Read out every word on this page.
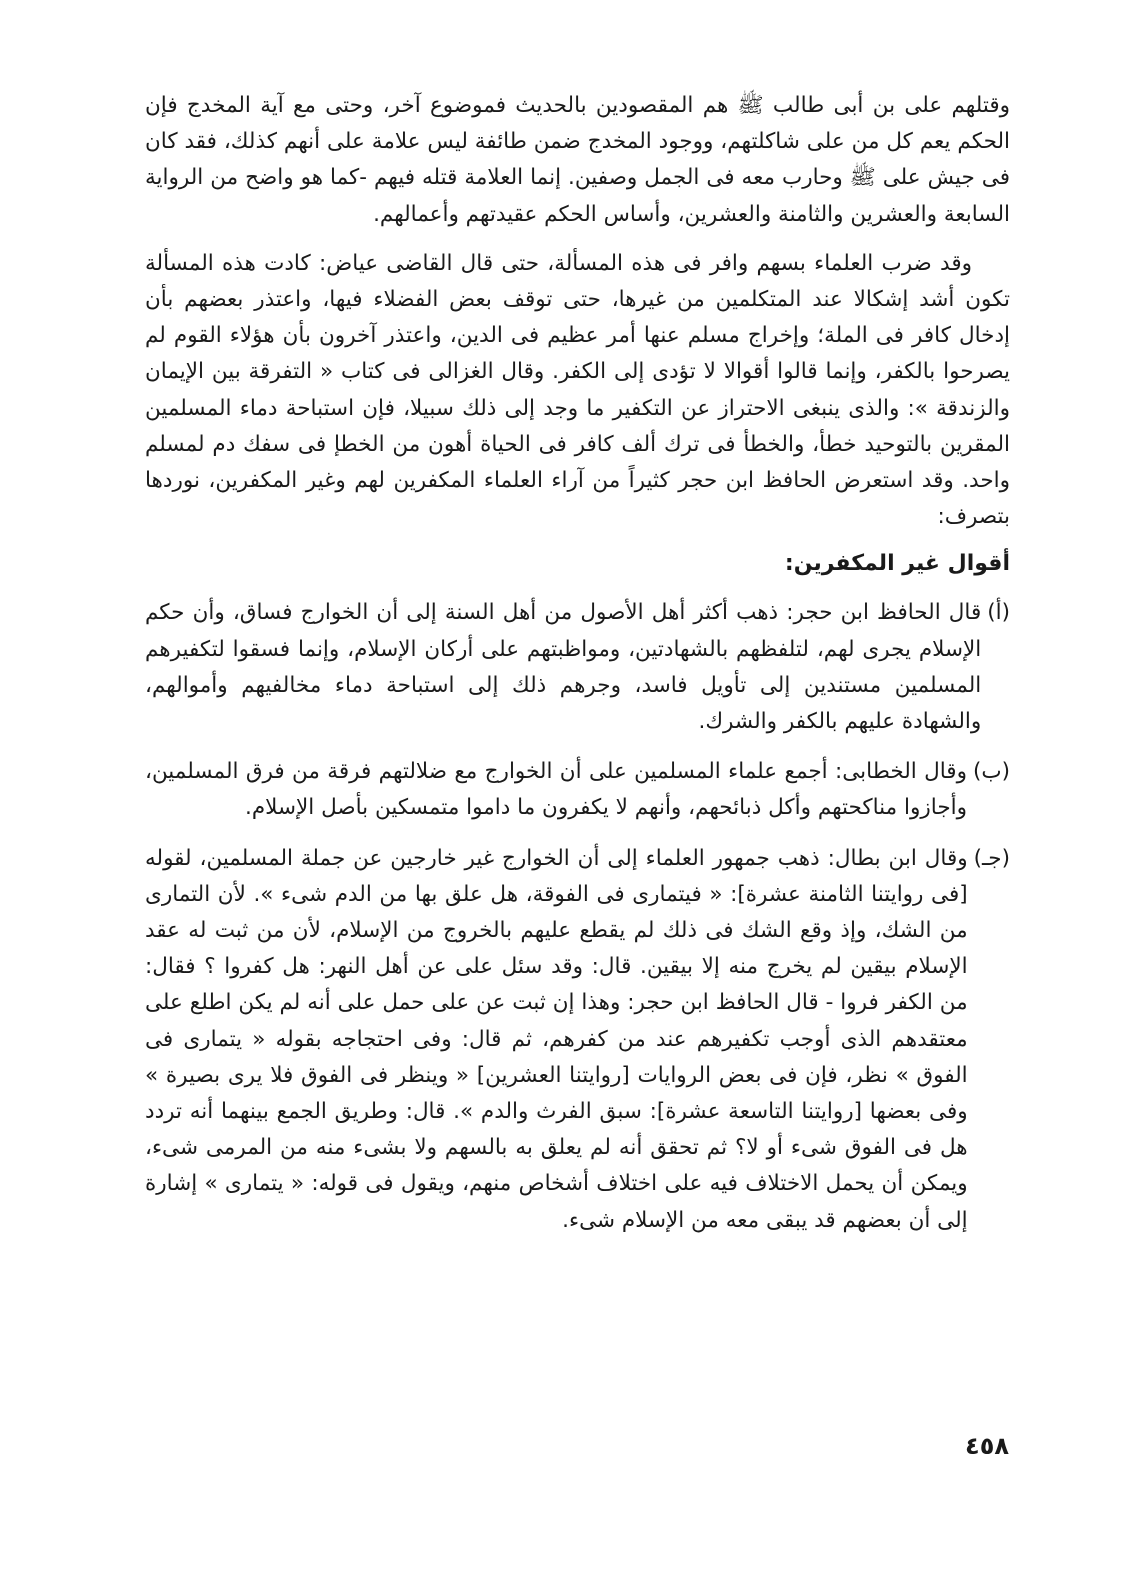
وقتلهم على بن أبى طالب ﷺ هم المقصودين بالحديث فموضوع آخر، وحتى مع آية المخدج فإن الحكم يعم كل من على شاكلتهم، ووجود المخدج ضمن طائفة ليس علامة على أنهم كذلك، فقد كان فى جيش على ﷺ وحارب معه فى الجمل وصفين. إنما العلامة قتله فيهم -كما هو واضح من الرواية السابعة والعشرين والثامنة والعشرين، وأساس الحكم عقيدتهم وأعمالهم.

وقد ضرب العلماء بسهم وافر فى هذه المسألة، حتى قال القاضى عياض: كادت هذه المسألة تكون أشد إشكالا عند المتكلمين من غيرها، حتى توقف بعض الفضلاء فيها، واعتذر بعضهم بأن إدخال كافر فى الملة؛ وإخراج مسلم عنها أمر عظيم فى الدين، واعتذر آخرون بأن هؤلاء القوم لم يصرحوا بالكفر، وإنما قالوا أقوالا لا تؤدى إلى الكفر. وقال الغزالى فى كتاب « التفرقة بين الإيمان والزندقة »: والذى ينبغى الاحتراز عن التكفير ما وجد إلى ذلك سبيلا، فإن استباحة دماء المسلمين المقرين بالتوحيد خطأ، والخطأ فى ترك ألف كافر فى الحياة أهون من الخطإ فى سفك دم لمسلم واحد. وقد استعرض الحافظ ابن حجر كثيراً من آراء العلماء المكفرين لهم وغير المكفرين، نوردها بتصرف:

أقوال غير المكفرين:
(أ)
قال الحافظ ابن حجر: ذهب أكثر أهل الأصول من أهل السنة إلى أن الخوارج فساق، وأن حكم الإسلام يجرى لهم، لتلفظهم بالشهادتين، ومواظبتهم على أركان الإسلام، وإنما فسقوا لتكفيرهم المسلمين مستندين إلى تأويل فاسد، وجرهم ذلك إلى استباحة دماء مخالفيهم وأموالهم، والشهادة عليهم بالكفر والشرك.
(ب)
وقال الخطابى: أجمع علماء المسلمين على أن الخوارج مع ضلالتهم فرقة من فرق المسلمين، وأجازوا مناكحتهم وأكل ذبائحهم، وأنهم لا يكفرون ما داموا متمسكين بأصل الإسلام.
(جـ)
وقال ابن بطال: ذهب جمهور العلماء إلى أن الخوارج غير خارجين عن جملة المسلمين، لقوله [فى روايتنا الثامنة عشرة]: « فيتمارى فى الفوقة، هل علق بها من الدم شىء ». لأن التمارى من الشك، وإذ وقع الشك فى ذلك لم يقطع عليهم بالخروج من الإسلام، لأن من ثبت له عقد الإسلام بيقين لم يخرج منه إلا بيقين. قال: وقد سئل على عن أهل النهر: هل كفروا ؟ فقال: من الكفر فروا - قال الحافظ ابن حجر: وهذا إن ثبت عن على حمل على أنه لم يكن اطلع على معتقدهم الذى أوجب تكفيرهم عند من كفرهم، ثم قال: وفى احتجاجه بقوله « يتمارى فى الفوق » نظر، فإن فى بعض الروايات [روايتنا العشرين] « وينظر فى الفوق فلا يرى بصيرة » وفى بعضها [روايتنا التاسعة عشرة]: سبق الفرث والدم ». قال: وطريق الجمع بينهما أنه تردد هل فى الفوق شىء أو لا؟ ثم تحقق أنه لم يعلق به بالسهم ولا بشىء منه من المرمى شىء، ويمكن أن يحمل الاختلاف فيه على اختلاف أشخاص منهم، ويقول فى قوله: « يتمارى » إشارة إلى أن بعضهم قد يبقى معه من الإسلام شىء.
٤٥٨
